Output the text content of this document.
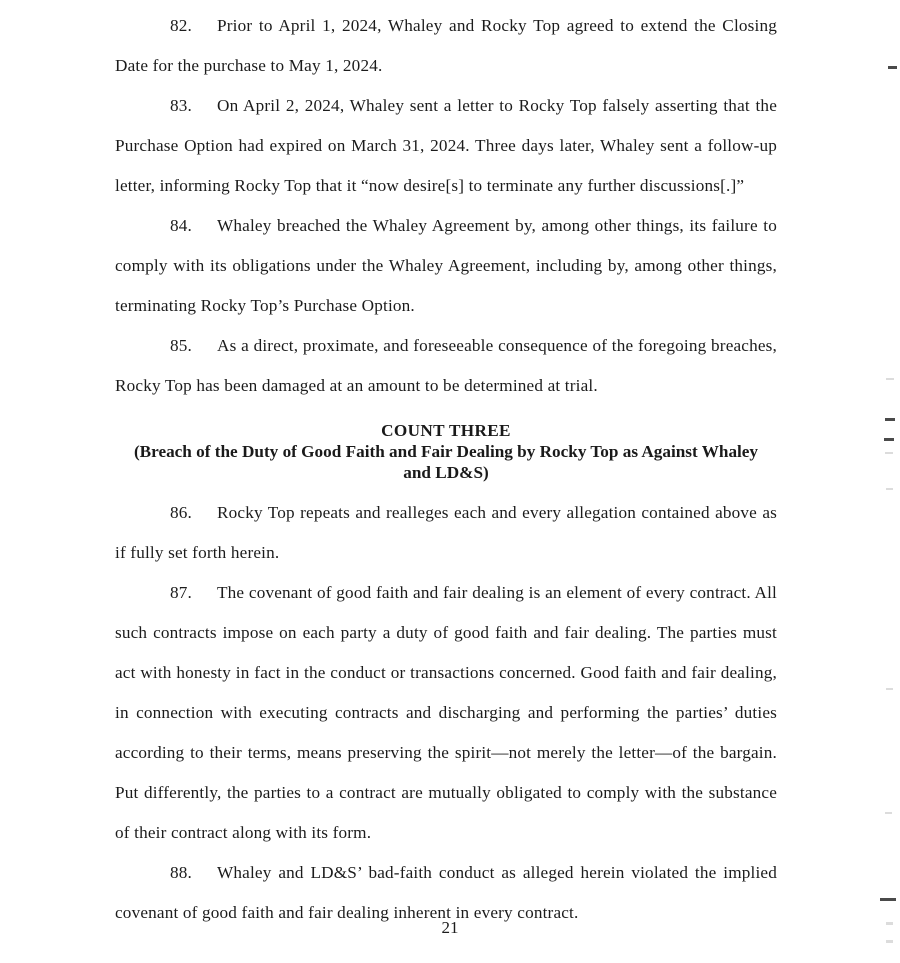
82. Prior to April 1, 2024, Whaley and Rocky Top agreed to extend the Closing Date for the purchase to May 1, 2024.

83. On April 2, 2024, Whaley sent a letter to Rocky Top falsely asserting that the Purchase Option had expired on March 31, 2024. Three days later, Whaley sent a follow-up letter, informing Rocky Top that it “now desire[s] to terminate any further discussions[.]”

84. Whaley breached the Whaley Agreement by, among other things, its failure to comply with its obligations under the Whaley Agreement, including by, among other things, terminating Rocky Top’s Purchase Option.

85. As a direct, proximate, and foreseeable consequence of the foregoing breaches, Rocky Top has been damaged at an amount to be determined at trial.

COUNT THREE
(Breach of the Duty of Good Faith and Fair Dealing by Rocky Top as Against Whaley and LD&S)

86. Rocky Top repeats and realleges each and every allegation contained above as if fully set forth herein.

87. The covenant of good faith and fair dealing is an element of every contract. All such contracts impose on each party a duty of good faith and fair dealing. The parties must act with honesty in fact in the conduct or transactions concerned. Good faith and fair dealing, in connection with executing contracts and discharging and performing the parties’ duties according to their terms, means preserving the spirit—not merely the letter—of the bargain. Put differently, the parties to a contract are mutually obligated to comply with the substance of their contract along with its form.

88. Whaley and LD&S’ bad-faith conduct as alleged herein violated the implied covenant of good faith and fair dealing inherent in every contract.

21
